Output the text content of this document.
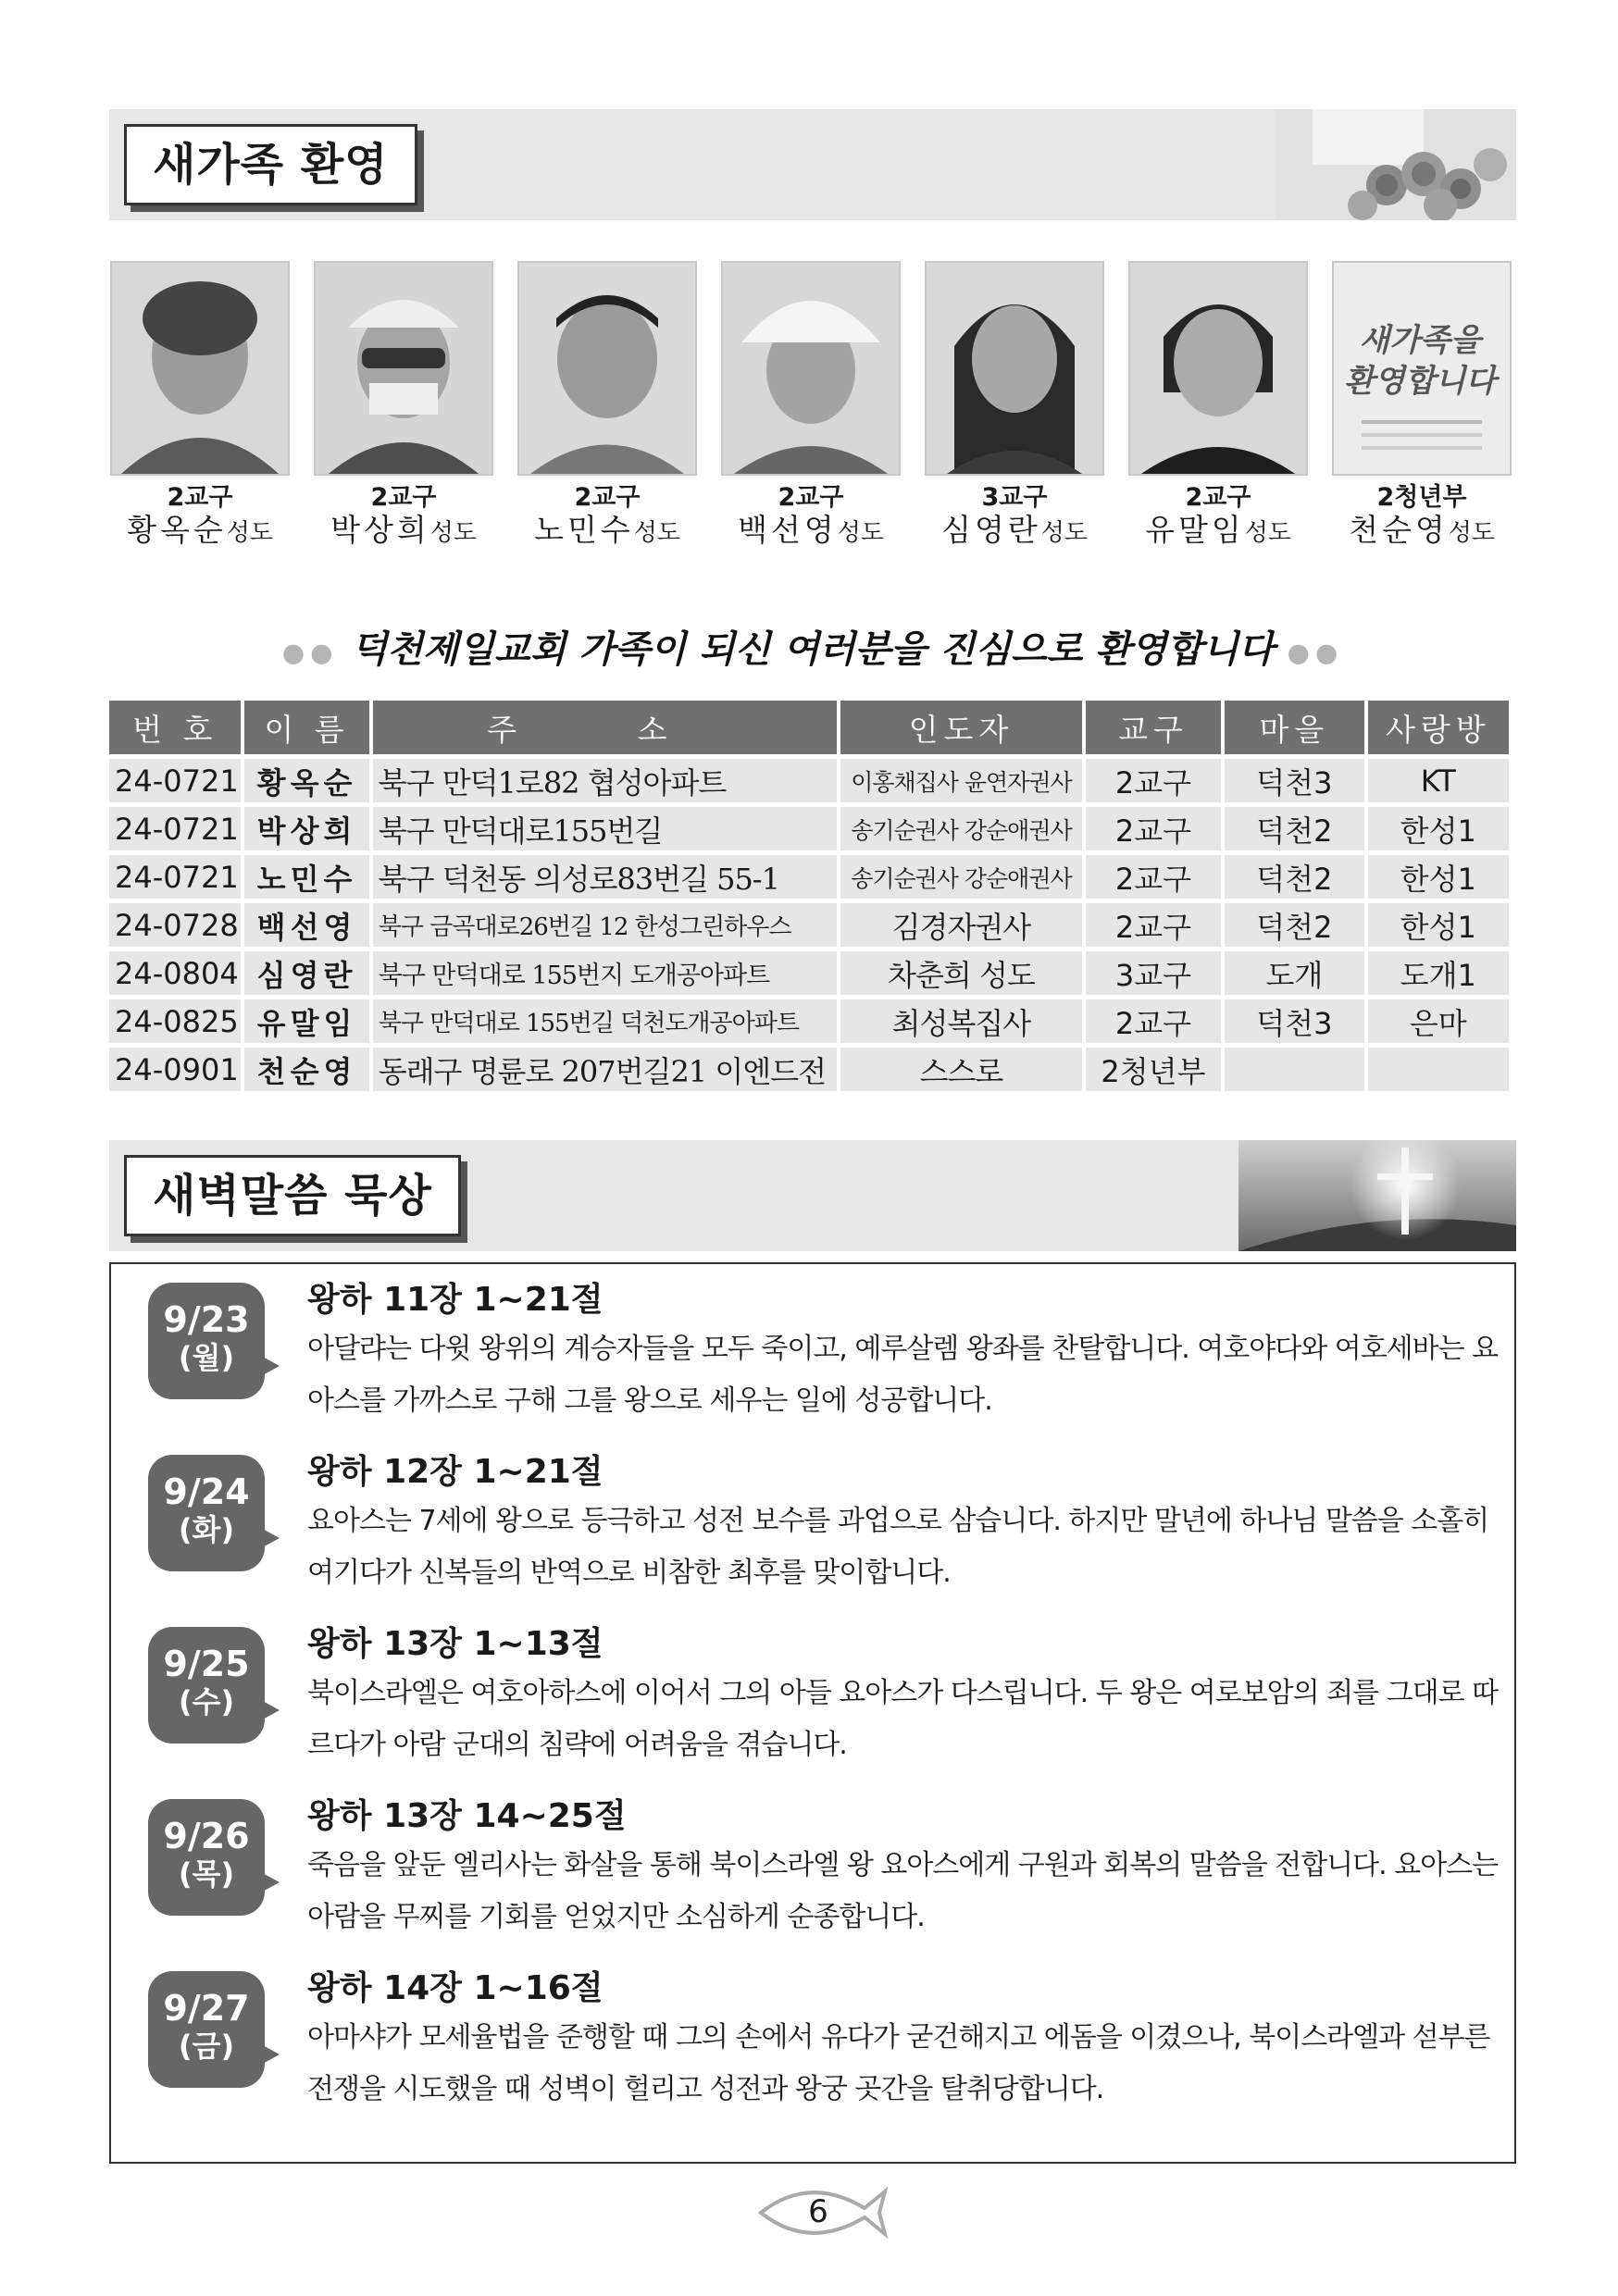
새가족 환영
2교구
황옥순성도
2교구
박상희성도
2교구
노민수성도
2교구
백선영성도
3교구
심영란성도
2교구
유말임성도
새가족을 환영합니다
2청년부
천순영성도
●● 덕천제일교회 가족이 되신 여러분을 진심으로 환영합니다 ●●
번 호	이 름	주 소	인도자	교구	마을	사랑방
24-0721	황옥순	북구 만덕1로82 협성아파트	이홍채집사 윤연자권사	2교구	덕천3	KT
24-0721	박상희	북구 만덕대로155번길	송기순권사 강순애권사	2교구	덕천2	한성1
24-0721	노민수	북구 덕천동 의성로83번길 55-1	송기순권사 강순애권사	2교구	덕천2	한성1
24-0728	백선영	북구 금곡대로26번길 12 한성그린하우스	김경자권사	2교구	덕천2	한성1
24-0804	심영란	북구 만덕대로 155번지 도개공아파트	차춘희 성도	3교구	도개	도개1
24-0825	유말임	북구 만덕대로 155번길 덕천도개공아파트	최성복집사	2교구	덕천3	은마
24-0901	천순영	동래구 명륜로 207번길21 이엔드전	스스로	2청년부		
새벽말씀 묵상
9/23
(월)
왕하 11장 1~21절
아달랴는 다윗 왕위의 계승자들을 모두 죽이고, 예루살렘 왕좌를 찬탈합니다. 여호야다와 여호세바는 요아스를 가까스로 구해 그를 왕으로 세우는 일에 성공합니다.
9/24
(화)
왕하 12장 1~21절
요아스는 7세에 왕으로 등극하고 성전 보수를 과업으로 삼습니다. 하지만 말년에 하나님 말씀을 소홀히 여기다가 신복들의 반역으로 비참한 최후를 맞이합니다.
9/25
(수)
왕하 13장 1~13절
북이스라엘은 여호아하스에 이어서 그의 아들 요아스가 다스립니다. 두 왕은 여로보암의 죄를 그대로 따르다가 아람 군대의 침략에 어려움을 겪습니다.
9/26
(목)
왕하 13장 14~25절
죽음을 앞둔 엘리사는 화살을 통해 북이스라엘 왕 요아스에게 구원과 회복의 말씀을 전합니다. 요아스는 아람을 무찌를 기회를 얻었지만 소심하게 순종합니다.
9/27
(금)
왕하 14장 1~16절
아마샤가 모세율법을 준행할 때 그의 손에서 유다가 굳건해지고 에돔을 이겼으나, 북이스라엘과 섣부른 전쟁을 시도했을 때 성벽이 헐리고 성전과 왕궁 곳간을 탈취당합니다.
6
